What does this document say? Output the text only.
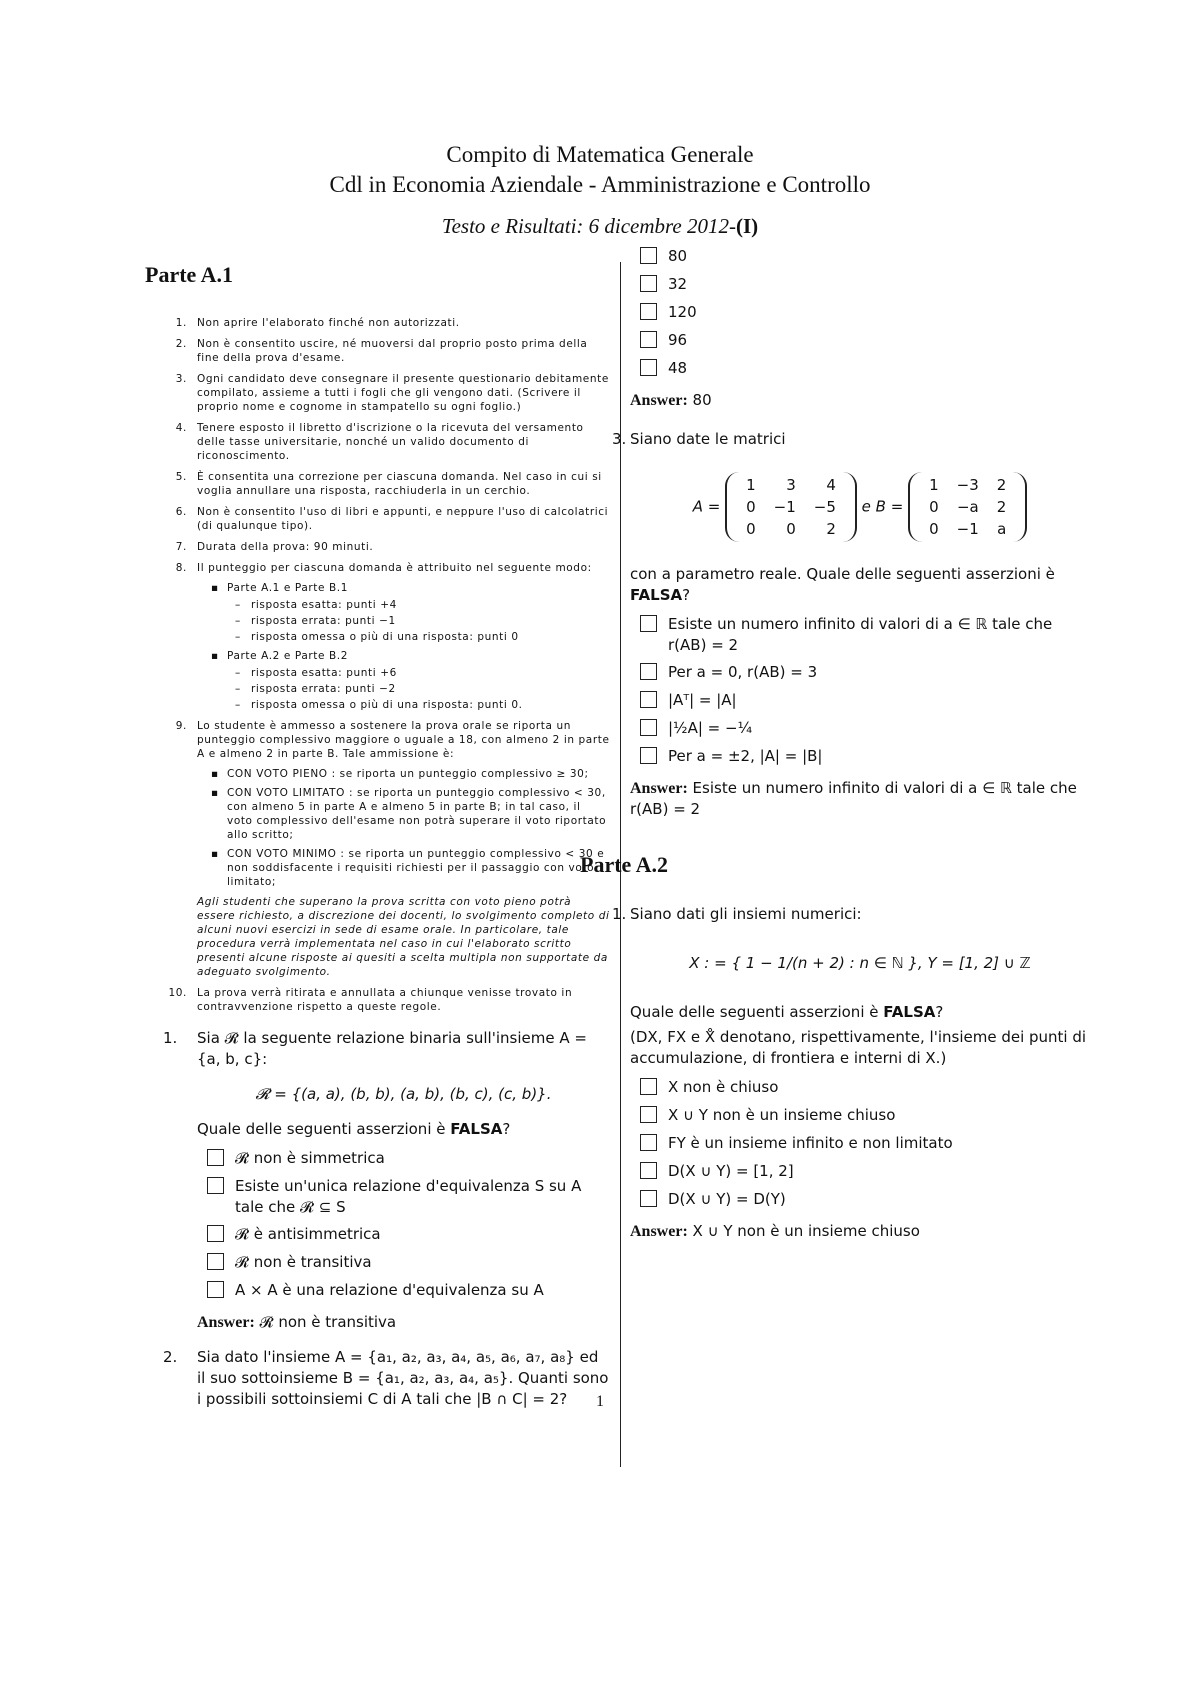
Compito di Matematica Generale
Cdl in Economia Aziendale - Amministrazione e Controllo
Testo e Risultati: 6 dicembre 2012-(I)
Parte A.1
1. Non aprire l'elaborato finché non autorizzati.
2. Non è consentito uscire, né muoversi dal proprio posto prima della fine della prova d'esame.
3. Ogni candidato deve consegnare il presente questionario debitamente compilato, assieme a tutti i fogli che gli vengono dati. (Scrivere il proprio nome e cognome in stampatello su ogni foglio.)
4. Tenere esposto il libretto d'iscrizione o la ricevuta del versamento delle tasse universitarie, nonché un valido documento di riconoscimento.
5. È consentita una correzione per ciascuna domanda. Nel caso in cui si voglia annullare una risposta, racchiuderla in un cerchio.
6. Non è consentito l'uso di libri e appunti, e neppure l'uso di calcolatrici (di qualunque tipo).
7. Durata della prova: 90 minuti.
8. Il punteggio per ciascuna domanda è attribuito nel seguente modo:
▪ Parte A.1 e Parte B.1
– risposta esatta: punti +4
– risposta errata: punti −1
– risposta omessa o più di una risposta: punti 0
▪ Parte A.2 e Parte B.2
– risposta esatta: punti +6
– risposta errata: punti −2
– risposta omessa o più di una risposta: punti 0.
9. Lo studente è ammesso a sostenere la prova orale se riporta un punteggio complessivo maggiore o uguale a 18, con almeno 2 in parte A e almeno 2 in parte B. Tale ammissione è:
▪ CON VOTO PIENO : se riporta un punteggio complessivo ≥ 30;
▪ CON VOTO LIMITATO : se riporta un punteggio complessivo < 30, con almeno 5 in parte A e almeno 5 in parte B; in tal caso, il voto complessivo dell'esame non potrà superare il voto riportato allo scritto;
▪ CON VOTO MINIMO : se riporta un punteggio complessivo < 30 e non soddisfacente i requisiti richiesti per il passaggio con voto limitato;
Agli studenti che superano la prova scritta con voto pieno potrà essere richiesto, a discrezione dei docenti, lo svolgimento completo di alcuni nuovi esercizi in sede di esame orale. In particolare, tale procedura verrà implementata nel caso in cui l'elaborato scritto presenti alcune risposte ai quesiti a scelta multipla non supportate da adeguato svolgimento.
10. La prova verrà ritirata e annullata a chiunque venisse trovato in contravvenzione rispetto a queste regole.
1. Sia 𝓡 la seguente relazione binaria sull'insieme A = {a, b, c}:
𝓡 = {(a, a), (b, b), (a, b), (b, c), (c, b)}.
Quale delle seguenti asserzioni è FALSA?
𝓡 non è simmetrica
Esiste un'unica relazione d'equivalenza S su A tale che 𝓡 ⊆ S
𝓡 è antisimmetrica
𝓡 non è transitiva
A × A è una relazione d'equivalenza su A
Answer: 𝓡 non è transitiva
2. Sia dato l'insieme A = {a₁, a₂, a₃, a₄, a₅, a₆, a₇, a₈} ed il suo sottoinsieme B = {a₁, a₂, a₃, a₄, a₅}. Quanti sono i possibili sottoinsiemi C di A tali che |B ∩ C| = 2?
80
32
120
96
48
Answer: 80
3. Siano date le matrici
A =
1	3	4
0	−1	−5
0	0	2
e B =
1	−3	2
0	−a	2
0	−1	a
con a parametro reale. Quale delle seguenti asserzioni è FALSA?
Esiste un numero infinito di valori di a ∈ ℝ tale che r(AB) = 2
Per a = 0, r(AB) = 3
|Aᵀ| = |A|
|½A| = −¼
Per a = ±2, |A| = |B|
Answer: Esiste un numero infinito di valori di a ∈ ℝ tale che r(AB) = 2
Parte A.2
1. Siano dati gli insiemi numerici:
X : = { 1 − 1/(n + 2) : n ∈ ℕ }, Y = [1, 2] ∪ ℤ
Quale delle seguenti asserzioni è FALSA?
(DX, FX e X̊ denotano, rispettivamente, l'insieme dei punti di accumulazione, di frontiera e interni di X.)
X non è chiuso
X ∪ Y non è un insieme chiuso
FY è un insieme infinito e non limitato
D(X ∪ Y) = [1, 2]
D(X ∪ Y) = D(Y)
Answer: X ∪ Y non è un insieme chiuso
1
